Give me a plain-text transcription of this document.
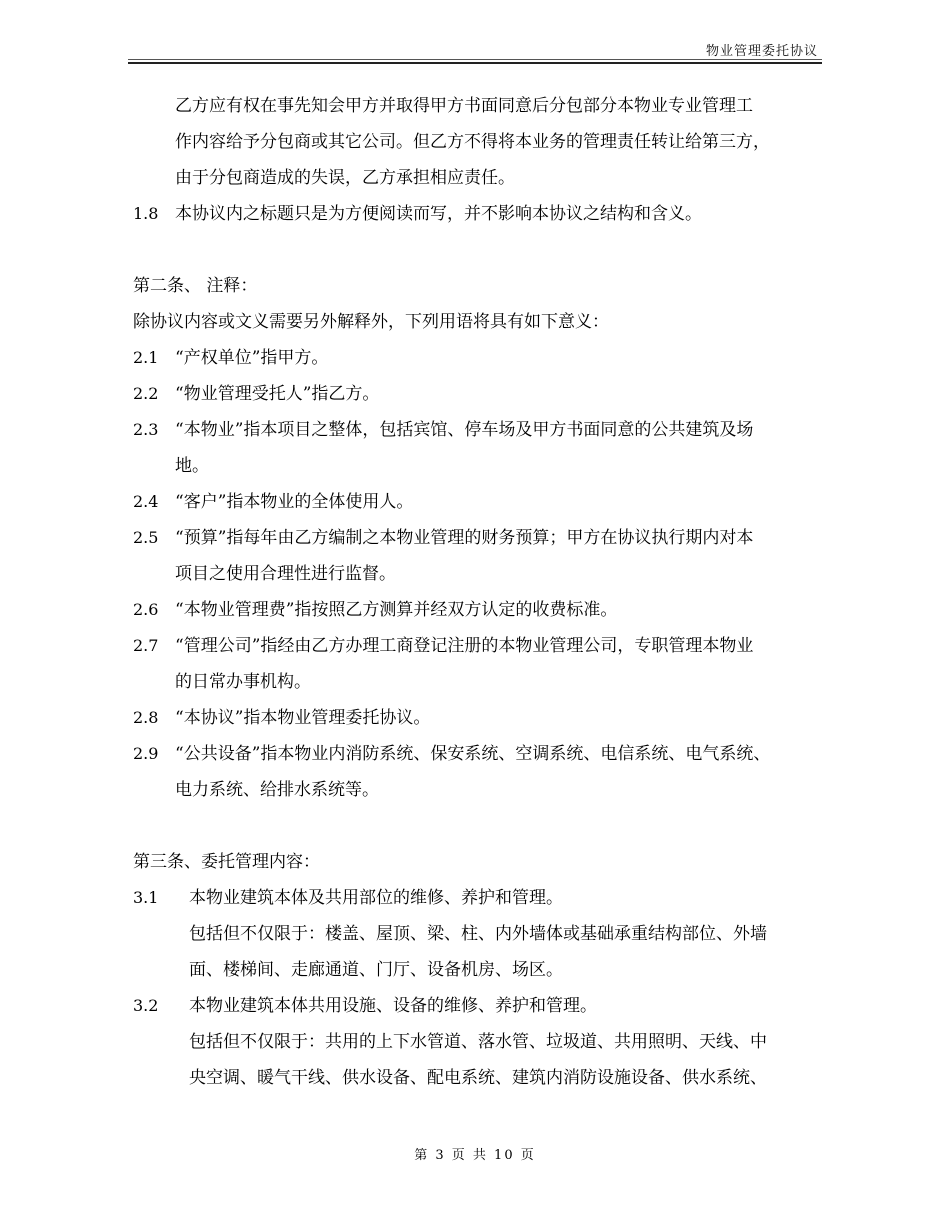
物业管理委托协议
乙方应有权在事先知会甲方并取得甲方书面同意后分包部分本物业专业管理工
作内容给予分包商或其它公司。但乙方不得将本业务的管理责任转让给第三方，
由于分包商造成的失误，乙方承担相应责任。
1.8 本协议内之标题只是为方便阅读而写，并不影响本协议之结构和含义。
第二条、 注释：
除协议内容或文义需要另外解释外，下列用语将具有如下意义：
2.1 “产权单位”指甲方。
2.2 “物业管理受托人”指乙方。
2.3 “本物业”指本项目之整体，包括宾馆、停车场及甲方书面同意的公共建筑及场
地。
2.4 “客户”指本物业的全体使用人。
2.5 “预算”指每年由乙方编制之本物业管理的财务预算；甲方在协议执行期内对本
项目之使用合理性进行监督。
2.6 “本物业管理费”指按照乙方测算并经双方认定的收费标准。
2.7 “管理公司”指经由乙方办理工商登记注册的本物业管理公司，专职管理本物业
的日常办事机构。
2.8 “本协议”指本物业管理委托协议。
2.9 “公共设备”指本物业内消防系统、保安系统、空调系统、电信系统、电气系统、
电力系统、给排水系统等。
第三条、委托管理内容：
3.1 本物业建筑本体及共用部位的维修、养护和管理。
包括但不仅限于：楼盖、屋顶、梁、柱、内外墙体或基础承重结构部位、外墙
面、楼梯间、走廊通道、门厅、设备机房、场区。
3.2 本物业建筑本体共用设施、设备的维修、养护和管理。
包括但不仅限于：共用的上下水管道、落水管、垃圾道、共用照明、天线、中
央空调、暖气干线、供水设备、配电系统、建筑内消防设施设备、供水系统、
第 3 页 共 10 页
